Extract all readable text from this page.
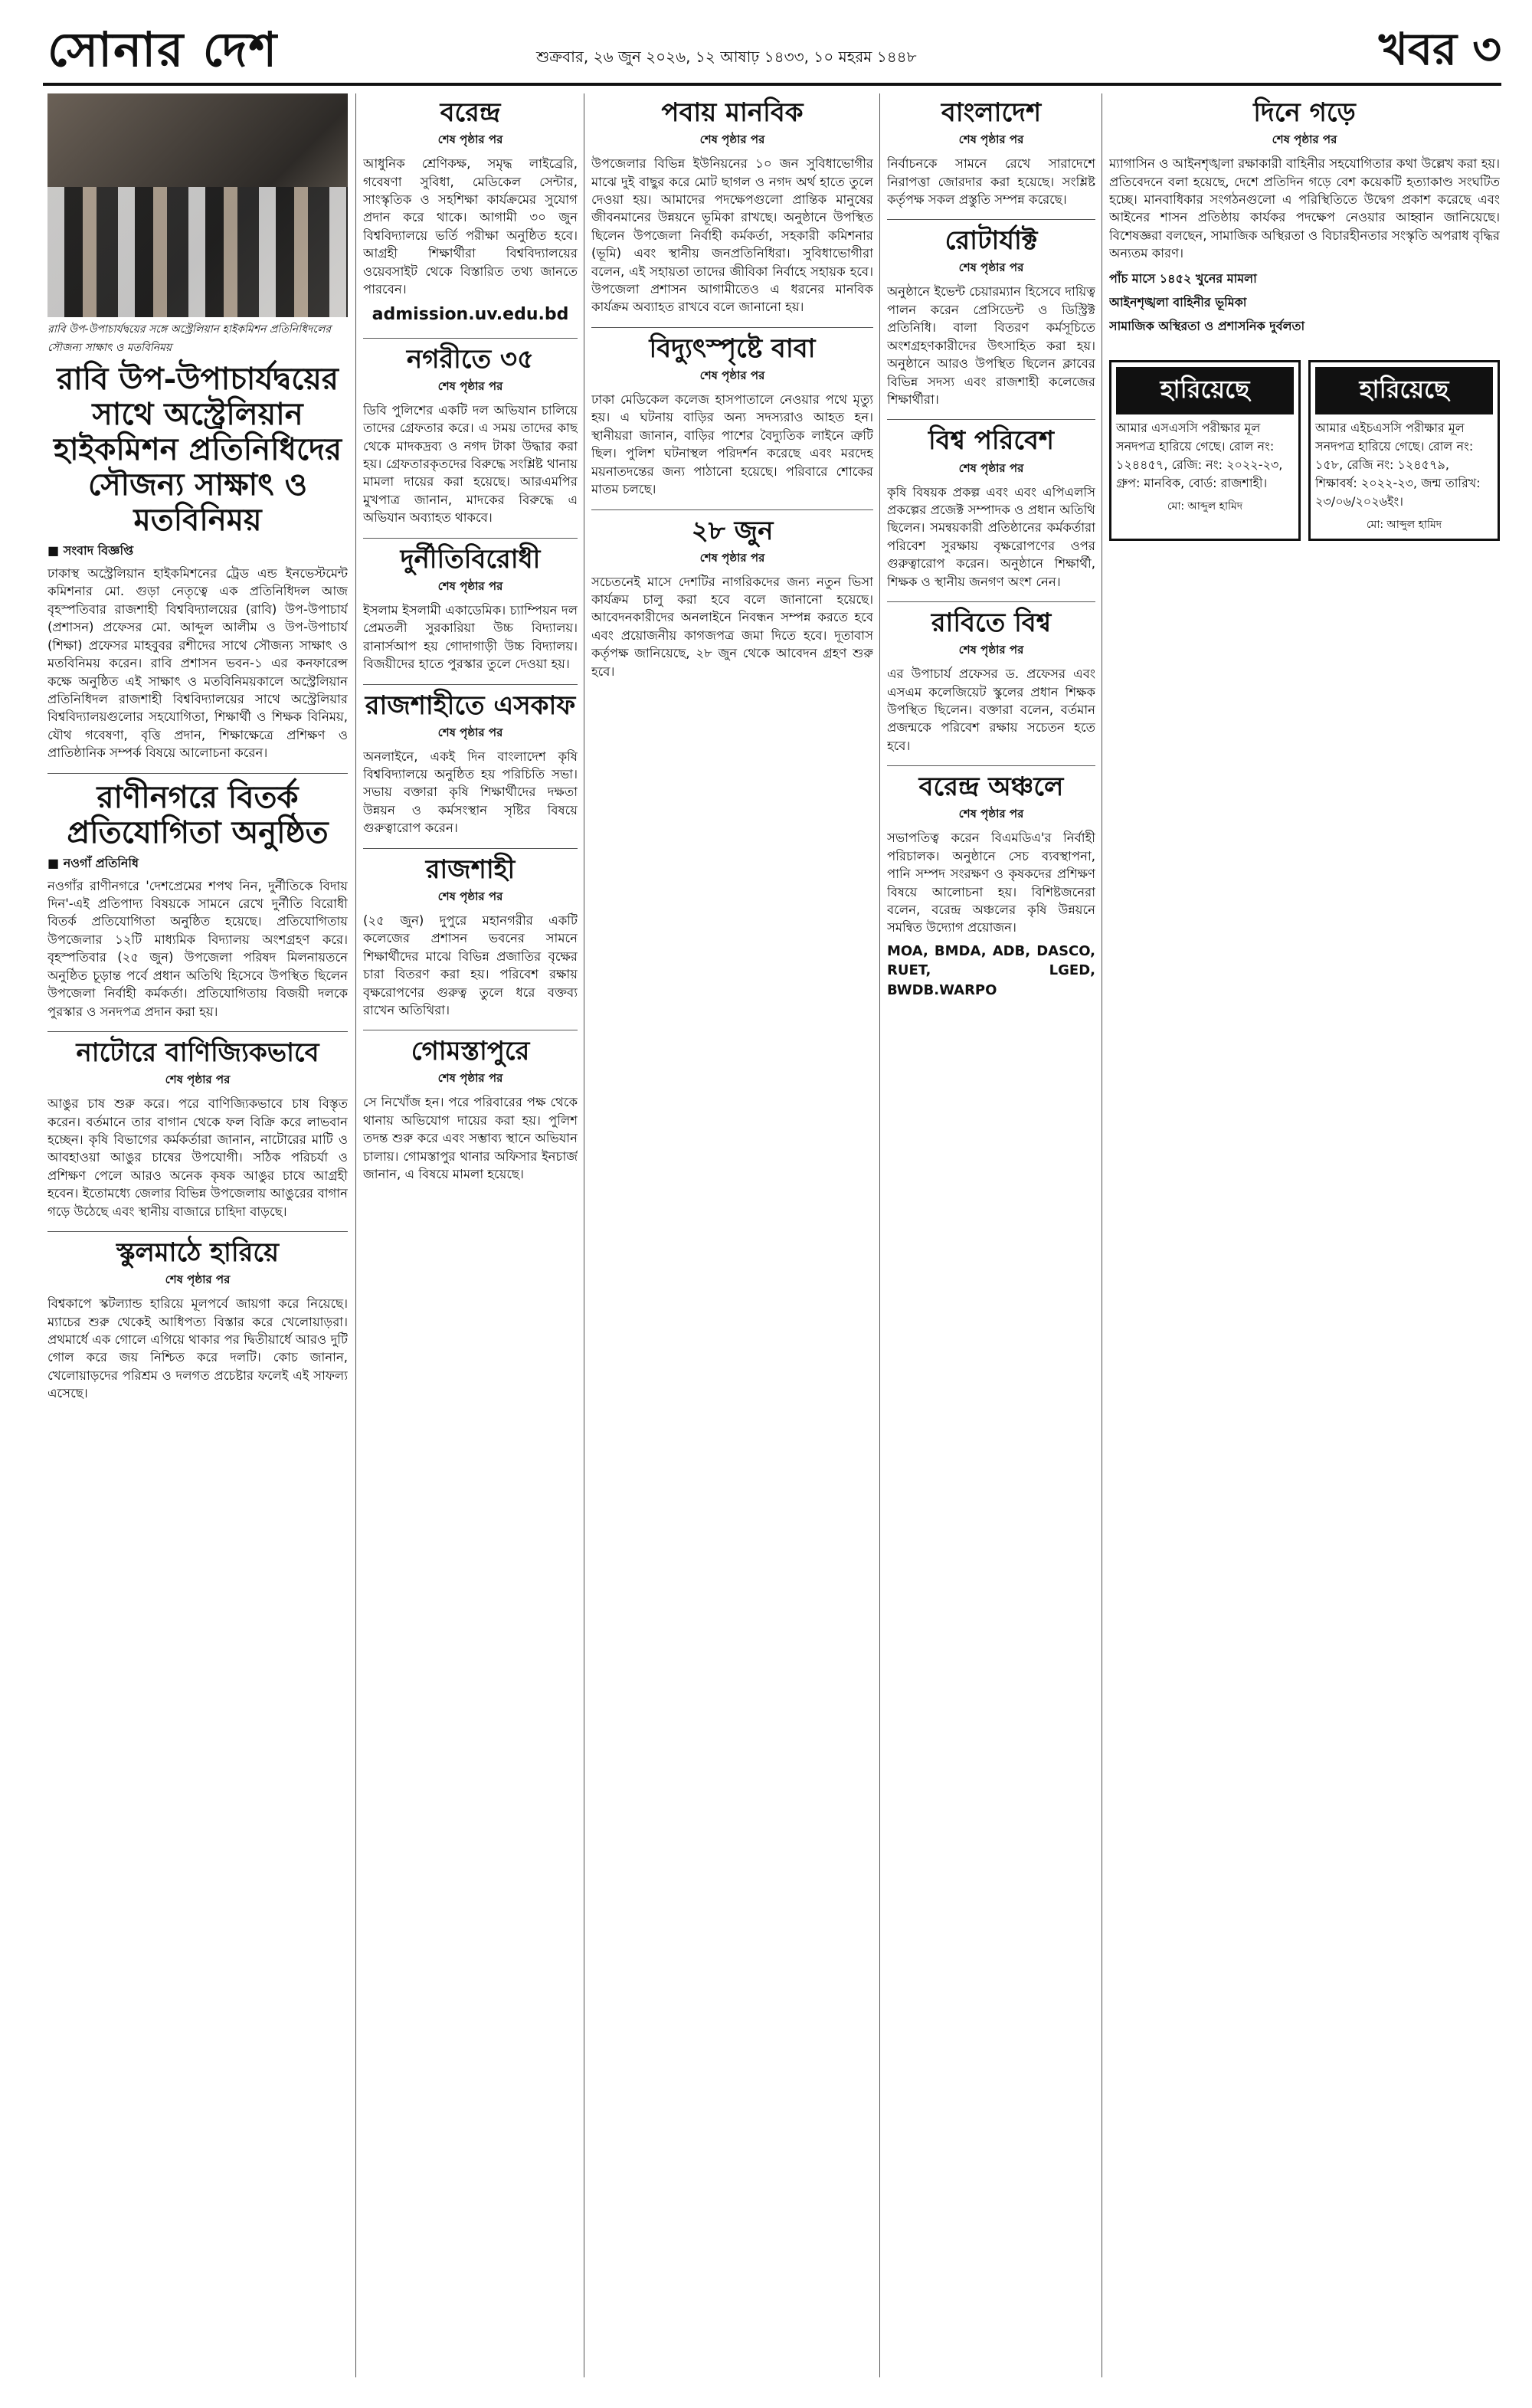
সোনার দেশ	শুক্রবার, ২৬ জুন ২০২৬, ১২ আষাঢ় ১৪৩৩, ১০ মহরম ১৪৪৮	খবর ৩
রাবি উপ-উপাচার্যদ্বয়ের সঙ্গে অস্ট্রেলিয়ান হাইকমিশন প্রতিনিধিদলের সৌজন্য সাক্ষাৎ ও মতবিনিময়
রাবি উপ-উপাচার্যদ্বয়ের সাথে অস্ট্রেলিয়ান হাইকমিশন প্রতিনিধিদের সৌজন্য সাক্ষাৎ ও মতবিনিময়
■ সংবাদ বিজ্ঞপ্তি

ঢাকাস্থ অস্ট্রেলিয়ান হাইকমিশনের ট্রেড এন্ড ইনভেস্টমেন্ট কমিশনার মো. গুড়া নেতৃত্বে এক প্রতিনিধিদল আজ বৃহস্পতিবার রাজশাহী বিশ্ববিদ্যালয়ের (রাবি) উপ-উপাচার্য (প্রশাসন) প্রফেসর মো. আব্দুল আলীম ও উপ-উপাচার্য (শিক্ষা) প্রফেসর মাহবুবর রশীদের সাথে সৌজন্য সাক্ষাৎ ও মতবিনিময় করেন। রাবি প্রশাসন ভবন-১ এর কনফারেন্স কক্ষে অনুষ্ঠিত এই সাক্ষাৎ ও মতবিনিময়কালে অস্ট্রেলিয়ান প্রতিনিধিদল রাজশাহী বিশ্ববিদ্যালয়ের সাথে অস্ট্রেলিয়ার বিশ্ববিদ্যালয়গুলোর সহযোগিতা, শিক্ষার্থী ও শিক্ষক বিনিময়, যৌথ গবেষণা, বৃত্তি প্রদান, শিক্ষাক্ষেত্রে প্রশিক্ষণ ও প্রাতিষ্ঠানিক সম্পর্ক বিষয়ে আলোচনা করেন।

রাণীনগরে বিতর্ক প্রতিযোগিতা অনুষ্ঠিত
■ নওগাঁ প্রতিনিধি

নওগাঁর রাণীনগরে 'দেশপ্রেমের শপথ নিন, দুর্নীতিকে বিদায় দিন'-এই প্রতিপাদ্য বিষয়কে সামনে রেখে দুর্নীতি বিরোধী বিতর্ক প্রতিযোগিতা অনুষ্ঠিত হয়েছে। প্রতিযোগিতায় উপজেলার ১২টি মাধ্যমিক বিদ্যালয় অংশগ্রহণ করে। বৃহস্পতিবার (২৫ জুন) উপজেলা পরিষদ মিলনায়তনে অনুষ্ঠিত চূড়ান্ত পর্বে প্রধান অতিথি হিসেবে উপস্থিত ছিলেন উপজেলা নির্বাহী কর্মকর্তা। প্রতিযোগিতায় বিজয়ী দলকে পুরস্কার ও সনদপত্র প্রদান করা হয়।

নাটোরে বাণিজ্যিকভাবে
শেষ পৃষ্ঠার পর

আঙুর চাষ শুরু করে। পরে বাণিজ্যিকভাবে চাষ বিস্তৃত করেন। বর্তমানে তার বাগান থেকে ফল বিক্রি করে লাভবান হচ্ছেন। কৃষি বিভাগের কর্মকর্তারা জানান, নাটোরের মাটি ও আবহাওয়া আঙুর চাষের উপযোগী। সঠিক পরিচর্যা ও প্রশিক্ষণ পেলে আরও অনেক কৃষক আঙুর চাষে আগ্রহী হবেন। ইতোমধ্যে জেলার বিভিন্ন উপজেলায় আঙুরের বাগান গড়ে উঠেছে এবং স্থানীয় বাজারে চাহিদা বাড়ছে।

স্কুলমাঠে হারিয়ে
শেষ পৃষ্ঠার পর

বিশ্বকাপে স্কটল্যান্ড হারিয়ে মূলপর্বে জায়গা করে নিয়েছে। ম্যাচের শুরু থেকেই আধিপত্য বিস্তার করে খেলোয়াড়রা। প্রথমার্ধে এক গোলে এগিয়ে থাকার পর দ্বিতীয়ার্ধে আরও দুটি গোল করে জয় নিশ্চিত করে দলটি। কোচ জানান, খেলোয়াড়দের পরিশ্রম ও দলগত প্রচেষ্টার ফলেই এই সাফল্য এসেছে।

বরেন্দ্র
শেষ পৃষ্ঠার পর

আধুনিক শ্রেণিকক্ষ, সমৃদ্ধ লাইব্রেরি, গবেষণা সুবিধা, মেডিকেল সেন্টার, সাংস্কৃতিক ও সহশিক্ষা কার্যক্রমের সুযোগ প্রদান করে থাকে। আগামী ৩০ জুন বিশ্ববিদ্যালয়ে ভর্তি পরীক্ষা অনুষ্ঠিত হবে। আগ্রহী শিক্ষার্থীরা বিশ্ববিদ্যালয়ের ওয়েবসাইট থেকে বিস্তারিত তথ্য জানতে পারবেন।

admission.uv.edu.bd

নগরীতে ৩৫
শেষ পৃষ্ঠার পর

ডিবি পুলিশের একটি দল অভিযান চালিয়ে তাদের গ্রেফতার করে। এ সময় তাদের কাছ থেকে মাদকদ্রব্য ও নগদ টাকা উদ্ধার করা হয়। গ্রেফতারকৃতদের বিরুদ্ধে সংশ্লিষ্ট থানায় মামলা দায়ের করা হয়েছে। আরএমপির মুখপাত্র জানান, মাদকের বিরুদ্ধে এ অভিযান অব্যাহত থাকবে।

দুর্নীতিবিরোধী
শেষ পৃষ্ঠার পর

ইসলাম ইসলামী একাডেমিক। চ্যাম্পিয়ন দল প্রেমতলী সুরকারিয়া উচ্চ বিদ্যালয়। রানার্সআপ হয় গোদাগাড়ী উচ্চ বিদ্যালয়। বিজয়ীদের হাতে পুরস্কার তুলে দেওয়া হয়।

রাজশাহীতে এসকাফ
শেষ পৃষ্ঠার পর

অনলাইনে, একই দিন বাংলাদেশ কৃষি বিশ্ববিদ্যালয়ে অনুষ্ঠিত হয় পরিচিতি সভা। সভায় বক্তারা কৃষি শিক্ষার্থীদের দক্ষতা উন্নয়ন ও কর্মসংস্থান সৃষ্টির বিষয়ে গুরুত্বারোপ করেন।

রাজশাহী
শেষ পৃষ্ঠার পর

(২৫ জুন) দুপুরে মহানগরীর একটি কলেজের প্রশাসন ভবনের সামনে শিক্ষার্থীদের মাঝে বিভিন্ন প্রজাতির বৃক্ষের চারা বিতরণ করা হয়। পরিবেশ রক্ষায় বৃক্ষরোপণের গুরুত্ব তুলে ধরে বক্তব্য রাখেন অতিথিরা।

গোমস্তাপুরে
শেষ পৃষ্ঠার পর

সে নিখোঁজ হন। পরে পরিবারের পক্ষ থেকে থানায় অভিযোগ দায়ের করা হয়। পুলিশ তদন্ত শুরু করে এবং সম্ভাব্য স্থানে অভিযান চালায়। গোমস্তাপুর থানার অফিসার ইনচার্জ জানান, এ বিষয়ে মামলা হয়েছে।

পবায় মানবিক
শেষ পৃষ্ঠার পর

উপজেলার বিভিন্ন ইউনিয়নের ১০ জন সুবিধাভোগীর মাঝে দুই বাছুর করে মোট ছাগল ও নগদ অর্থ হাতে তুলে দেওয়া হয়। আমাদের পদক্ষেপগুলো প্রান্তিক মানুষের জীবনমানের উন্নয়নে ভূমিকা রাখছে। অনুষ্ঠানে উপস্থিত ছিলেন উপজেলা নির্বাহী কর্মকর্তা, সহকারী কমিশনার (ভূমি) এবং স্থানীয় জনপ্রতিনিধিরা। সুবিধাভোগীরা বলেন, এই সহায়তা তাদের জীবিকা নির্বাহে সহায়ক হবে। উপজেলা প্রশাসন আগামীতেও এ ধরনের মানবিক কার্যক্রম অব্যাহত রাখবে বলে জানানো হয়।

বিদ্যুৎস্পৃষ্টে বাবা
শেষ পৃষ্ঠার পর

ঢাকা মেডিকেল কলেজ হাসপাতালে নেওয়ার পথে মৃত্যু হয়। এ ঘটনায় বাড়ির অন্য সদস্যরাও আহত হন। স্থানীয়রা জানান, বাড়ির পাশের বৈদ্যুতিক লাইনে ত্রুটি ছিল। পুলিশ ঘটনাস্থল পরিদর্শন করেছে এবং মরদেহ ময়নাতদন্তের জন্য পাঠানো হয়েছে। পরিবারে শোকের মাতম চলছে।

২৮ জুন
শেষ পৃষ্ঠার পর

সচেতনেই মাসে দেশটির নাগরিকদের জন্য নতুন ভিসা কার্যক্রম চালু করা হবে বলে জানানো হয়েছে। আবেদনকারীদের অনলাইনে নিবন্ধন সম্পন্ন করতে হবে এবং প্রয়োজনীয় কাগজপত্র জমা দিতে হবে। দূতাবাস কর্তৃপক্ষ জানিয়েছে, ২৮ জুন থেকে আবেদন গ্রহণ শুরু হবে।

বাংলাদেশ
শেষ পৃষ্ঠার পর

নির্বাচনকে সামনে রেখে সারাদেশে নিরাপত্তা জোরদার করা হয়েছে। সংশ্লিষ্ট কর্তৃপক্ষ সকল প্রস্তুতি সম্পন্ন করেছে।

রোটার্যাক্ট
শেষ পৃষ্ঠার পর

অনুষ্ঠানে ইভেন্ট চেয়ারম্যান হিসেবে দায়িত্ব পালন করেন প্রেসিডেন্ট ও ডিস্ট্রিক্ট প্রতিনিধি। বালা বিতরণ কর্মসূচিতে অংশগ্রহণকারীদের উৎসাহিত করা হয়। অনুষ্ঠানে আরও উপস্থিত ছিলেন ক্লাবের বিভিন্ন সদস্য এবং রাজশাহী কলেজের শিক্ষার্থীরা।

বিশ্ব পরিবেশ
শেষ পৃষ্ঠার পর

কৃষি বিষয়ক প্রকল্প এবং এবং এপিএলসি প্রকল্পের প্রজেক্ট সম্পাদক ও প্রধান অতিথি ছিলেন। সমন্বয়কারী প্রতিষ্ঠানের কর্মকর্তারা পরিবেশ সুরক্ষায় বৃক্ষরোপণের ওপর গুরুত্বারোপ করেন। অনুষ্ঠানে শিক্ষার্থী, শিক্ষক ও স্থানীয় জনগণ অংশ নেন।

রাবিতে বিশ্ব
শেষ পৃষ্ঠার পর

এর উপাচার্য প্রফেসর ড. প্রফেসর এবং এসএম কলেজিয়েট স্কুলের প্রধান শিক্ষক উপস্থিত ছিলেন। বক্তারা বলেন, বর্তমান প্রজন্মকে পরিবেশ রক্ষায় সচেতন হতে হবে।

বরেন্দ্র অঞ্চলে
শেষ পৃষ্ঠার পর

সভাপতিত্ব করেন বিএমডিএ'র নির্বাহী পরিচালক। অনুষ্ঠানে সেচ ব্যবস্থাপনা, পানি সম্পদ সংরক্ষণ ও কৃষকদের প্রশিক্ষণ বিষয়ে আলোচনা হয়। বিশিষ্টজনেরা বলেন, বরেন্দ্র অঞ্চলের কৃষি উন্নয়নে সমন্বিত উদ্যোগ প্রয়োজন।

MOA, BMDA, ADB, DASCO, RUET, LGED, BWDB.WARPO

দিনে গড়ে
শেষ পৃষ্ঠার পর

ম্যাগাসিন ও আইনশৃঙ্খলা রক্ষাকারী বাহিনীর সহযোগিতার কথা উল্লেখ করা হয়। প্রতিবেদনে বলা হয়েছে, দেশে প্রতিদিন গড়ে বেশ কয়েকটি হত্যাকাণ্ড সংঘটিত হচ্ছে। মানবাধিকার সংগঠনগুলো এ পরিস্থিতিতে উদ্বেগ প্রকাশ করেছে এবং আইনের শাসন প্রতিষ্ঠায় কার্যকর পদক্ষেপ নেওয়ার আহ্বান জানিয়েছে। বিশেষজ্ঞরা বলছেন, সামাজিক অস্থিরতা ও বিচারহীনতার সংস্কৃতি অপরাধ বৃদ্ধির অন্যতম কারণ।

পাঁচ মাসে ১৪৫২ খুনের মামলা
আইনশৃঙ্খলা বাহিনীর ভূমিকা
সামাজিক অস্থিরতা ও প্রশাসনিক দুর্বলতা
হারিয়েছে

আমার এসএসসি পরীক্ষার মূল সনদপত্র হারিয়ে গেছে। রোল নং: ১২৪৪৫৭, রেজি: নং: ২০২২-২৩, গ্রুপ: মানবিক, বোর্ড: রাজশাহী।

মো: আব্দুল হামিদ
হারিয়েছে

আমার এইচএসসি পরীক্ষার মূল সনদপত্র হারিয়ে গেছে। রোল নং: ১৫৮, রেজি নং: ১২৪৫৭৯, শিক্ষাবর্ষ: ২০২২-২৩, জন্ম তারিখ: ২৩/০৬/২০২৬ইং।

মো: আব্দুল হামিদ
